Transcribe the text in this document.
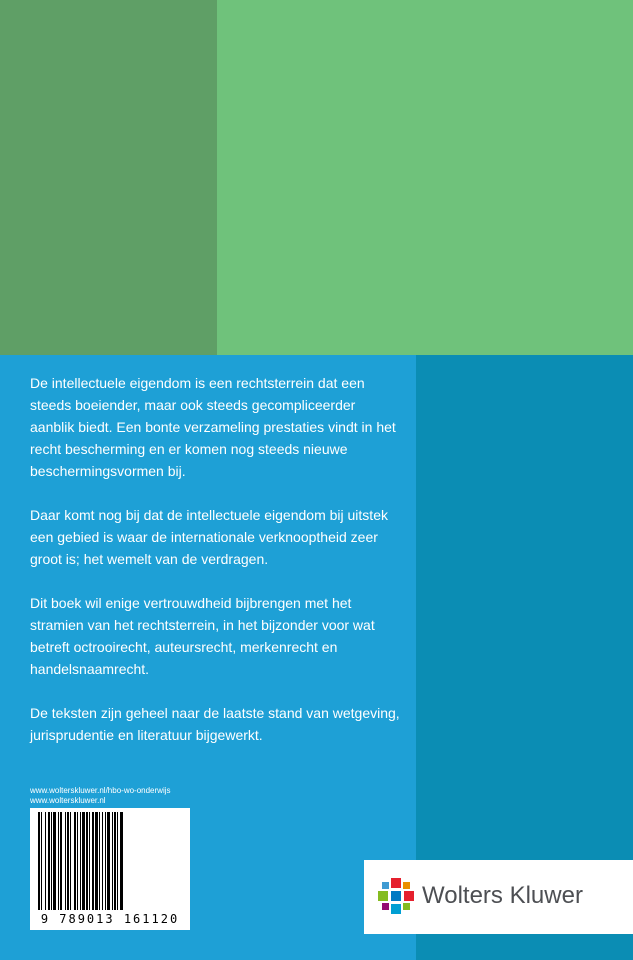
De intellectuele eigendom is een rechtsterrein dat een steeds boeiender, maar ook steeds gecompliceerder aanblik biedt. Een bonte verzameling prestaties vindt in het recht bescherming en er komen nog steeds nieuwe beschermingsvormen bij.

Daar komt nog bij dat de intellectuele eigendom bij uitstek een gebied is waar de internationale verknooptheid zeer groot is; het wemelt van de verdragen.

Dit boek wil enige vertrouwdheid bijbrengen met het stramien van het rechtsterrein, in het bijzonder voor wat betreft octrooirecht, auteursrecht, merkenrecht en handelsnaamrecht.

De teksten zijn geheel naar de laatste stand van wetgeving, jurisprudentie en literatuur bijgewerkt.

www.wolterskluwer.nl/hbo-wo-onderwijs
www.wolterskluwer.nl
9 789013 161120
Wolters Kluwer
